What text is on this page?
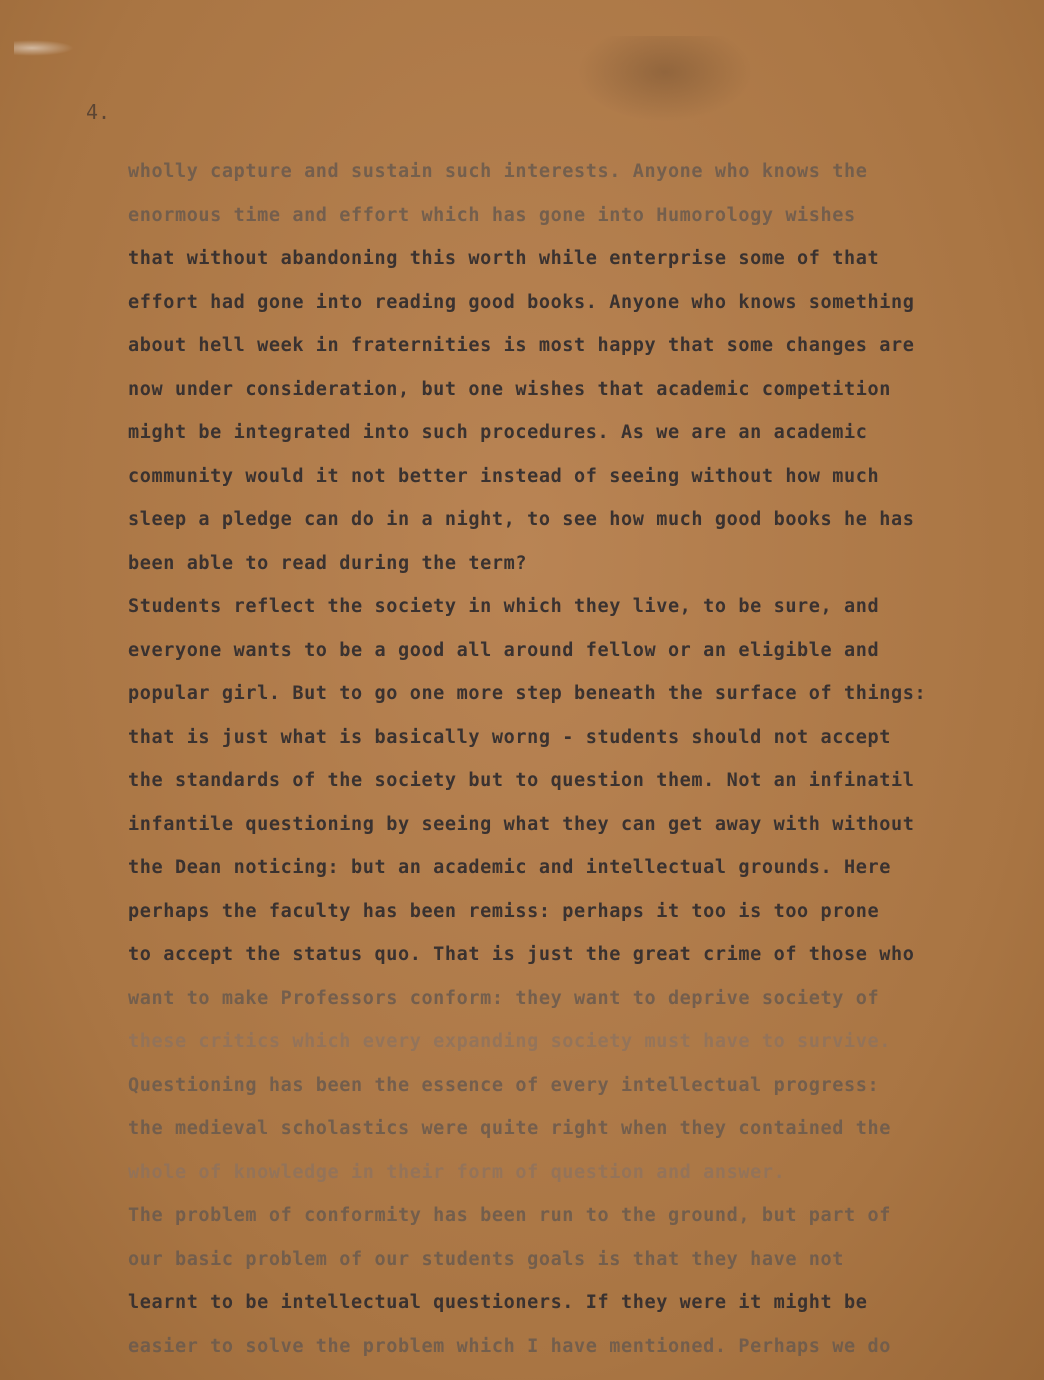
4.
wholly capture and sustain such interests. Anyone who knows the
enormous time and effort which has gone into Humorology wishes
that without abandoning this worth while enterprise some of that
effort had gone into reading good books. Anyone who knows something
about hell week in fraternities is most happy that some changes are
now under consideration, but one wishes that academic competition
might be integrated into such procedures. As we are an academic
community would it not better instead of seeing without how much
sleep a pledge can do in a night, to see how much good books he has
been able to read during the term?
Students reflect the society in which they live, to be sure, and
everyone wants to be a good all around fellow or an eligible and
popular girl. But to go one more step beneath the surface of things:
that is just what is basically worng - students should not accept
the standards of the society but to question them. Not an infinatil
infantile questioning by seeing what they can get away with without
the Dean noticing: but an academic and intellectual grounds. Here
perhaps the faculty has been remiss: perhaps it too is too prone
to accept the status quo. That is just the great crime of those who
want to make Professors conform: they want to deprive society of
these critics which every expanding society must have to survive.
Questioning has been the essence of every intellectual progress:
the medieval scholastics were quite right when they contained the
whole of knowledge in their form of question and answer.
The problem of conformity has been run to the ground, but part of
our basic problem of our students goals is that they have not
learnt to be intellectual questioners. If they were it might be
easier to solve the problem which I have mentioned. Perhaps we do
